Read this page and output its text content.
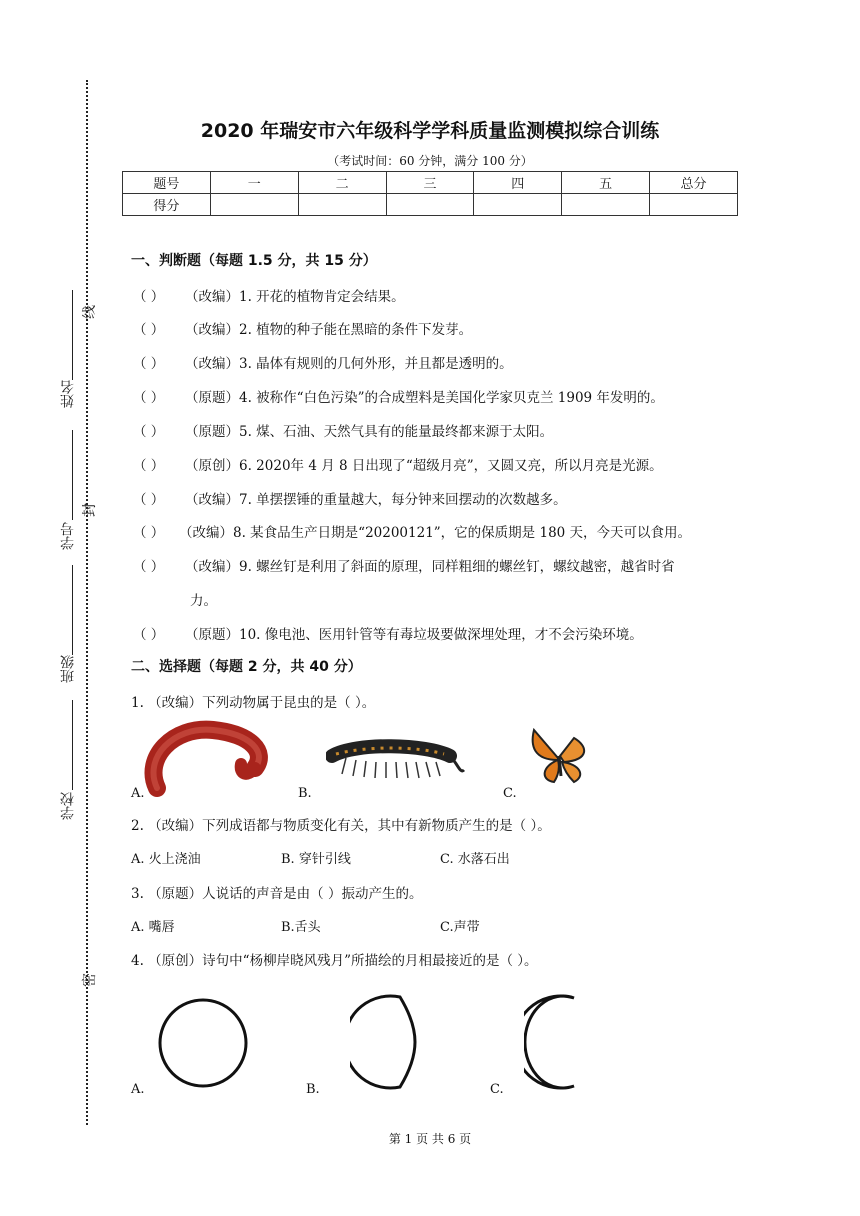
线
封
密
姓名
学号
班级
学校
2020 年瑞安市六年级科学学科质量监测模拟综合训练
（考试时间：60 分钟，满分 100 分）
题号	一	二	三	四	五	总分
得分						
一、判断题（每题 1.5 分，共 15 分）
（ ） （改编）1. 开花的植物肯定会结果。
（ ） （改编）2. 植物的种子能在黑暗的条件下发芽。
（ ） （改编）3. 晶体有规则的几何外形，并且都是透明的。
（ ） （原题）4. 被称作“白色污染”的合成塑料是美国化学家贝克兰 1909 年发明的。
（ ） （原题）5. 煤、石油、天然气具有的能量最终都来源于太阳。
（ ） （原创）6. 2020年 4 月 8 日出现了“超级月亮”，又圆又亮，所以月亮是光源。
（ ） （改编）7. 单摆摆锤的重量越大，每分钟来回摆动的次数越多。
（ ） （改编）8. 某食品生产日期是“20200121”，它的保质期是 180 天，今天可以食用。
（ ） （改编）9. 螺丝钉是利用了斜面的原理，同样粗细的螺丝钉，螺纹越密，越省时省
力。
（ ） （原题）10. 像电池、医用针管等有毒垃圾要做深埋处理，才不会污染环境。
二、选择题（每题 2 分，共 40 分）
1. （改编）下列动物属于昆虫的是（ ）。
A.	B.	C.
2. （改编）下列成语都与物质变化有关，其中有新物质产生的是（ ）。
A. 火上浇油	B. 穿针引线	C. 水落石出
3. （原题）人说话的声音是由（ ）振动产生的。
A. 嘴唇	B.舌头	C.声带
4. （原创）诗句中“杨柳岸晓风残月”所描绘的月相最接近的是（ ）。
A.	B.	C.
第 1 页 共 6 页
